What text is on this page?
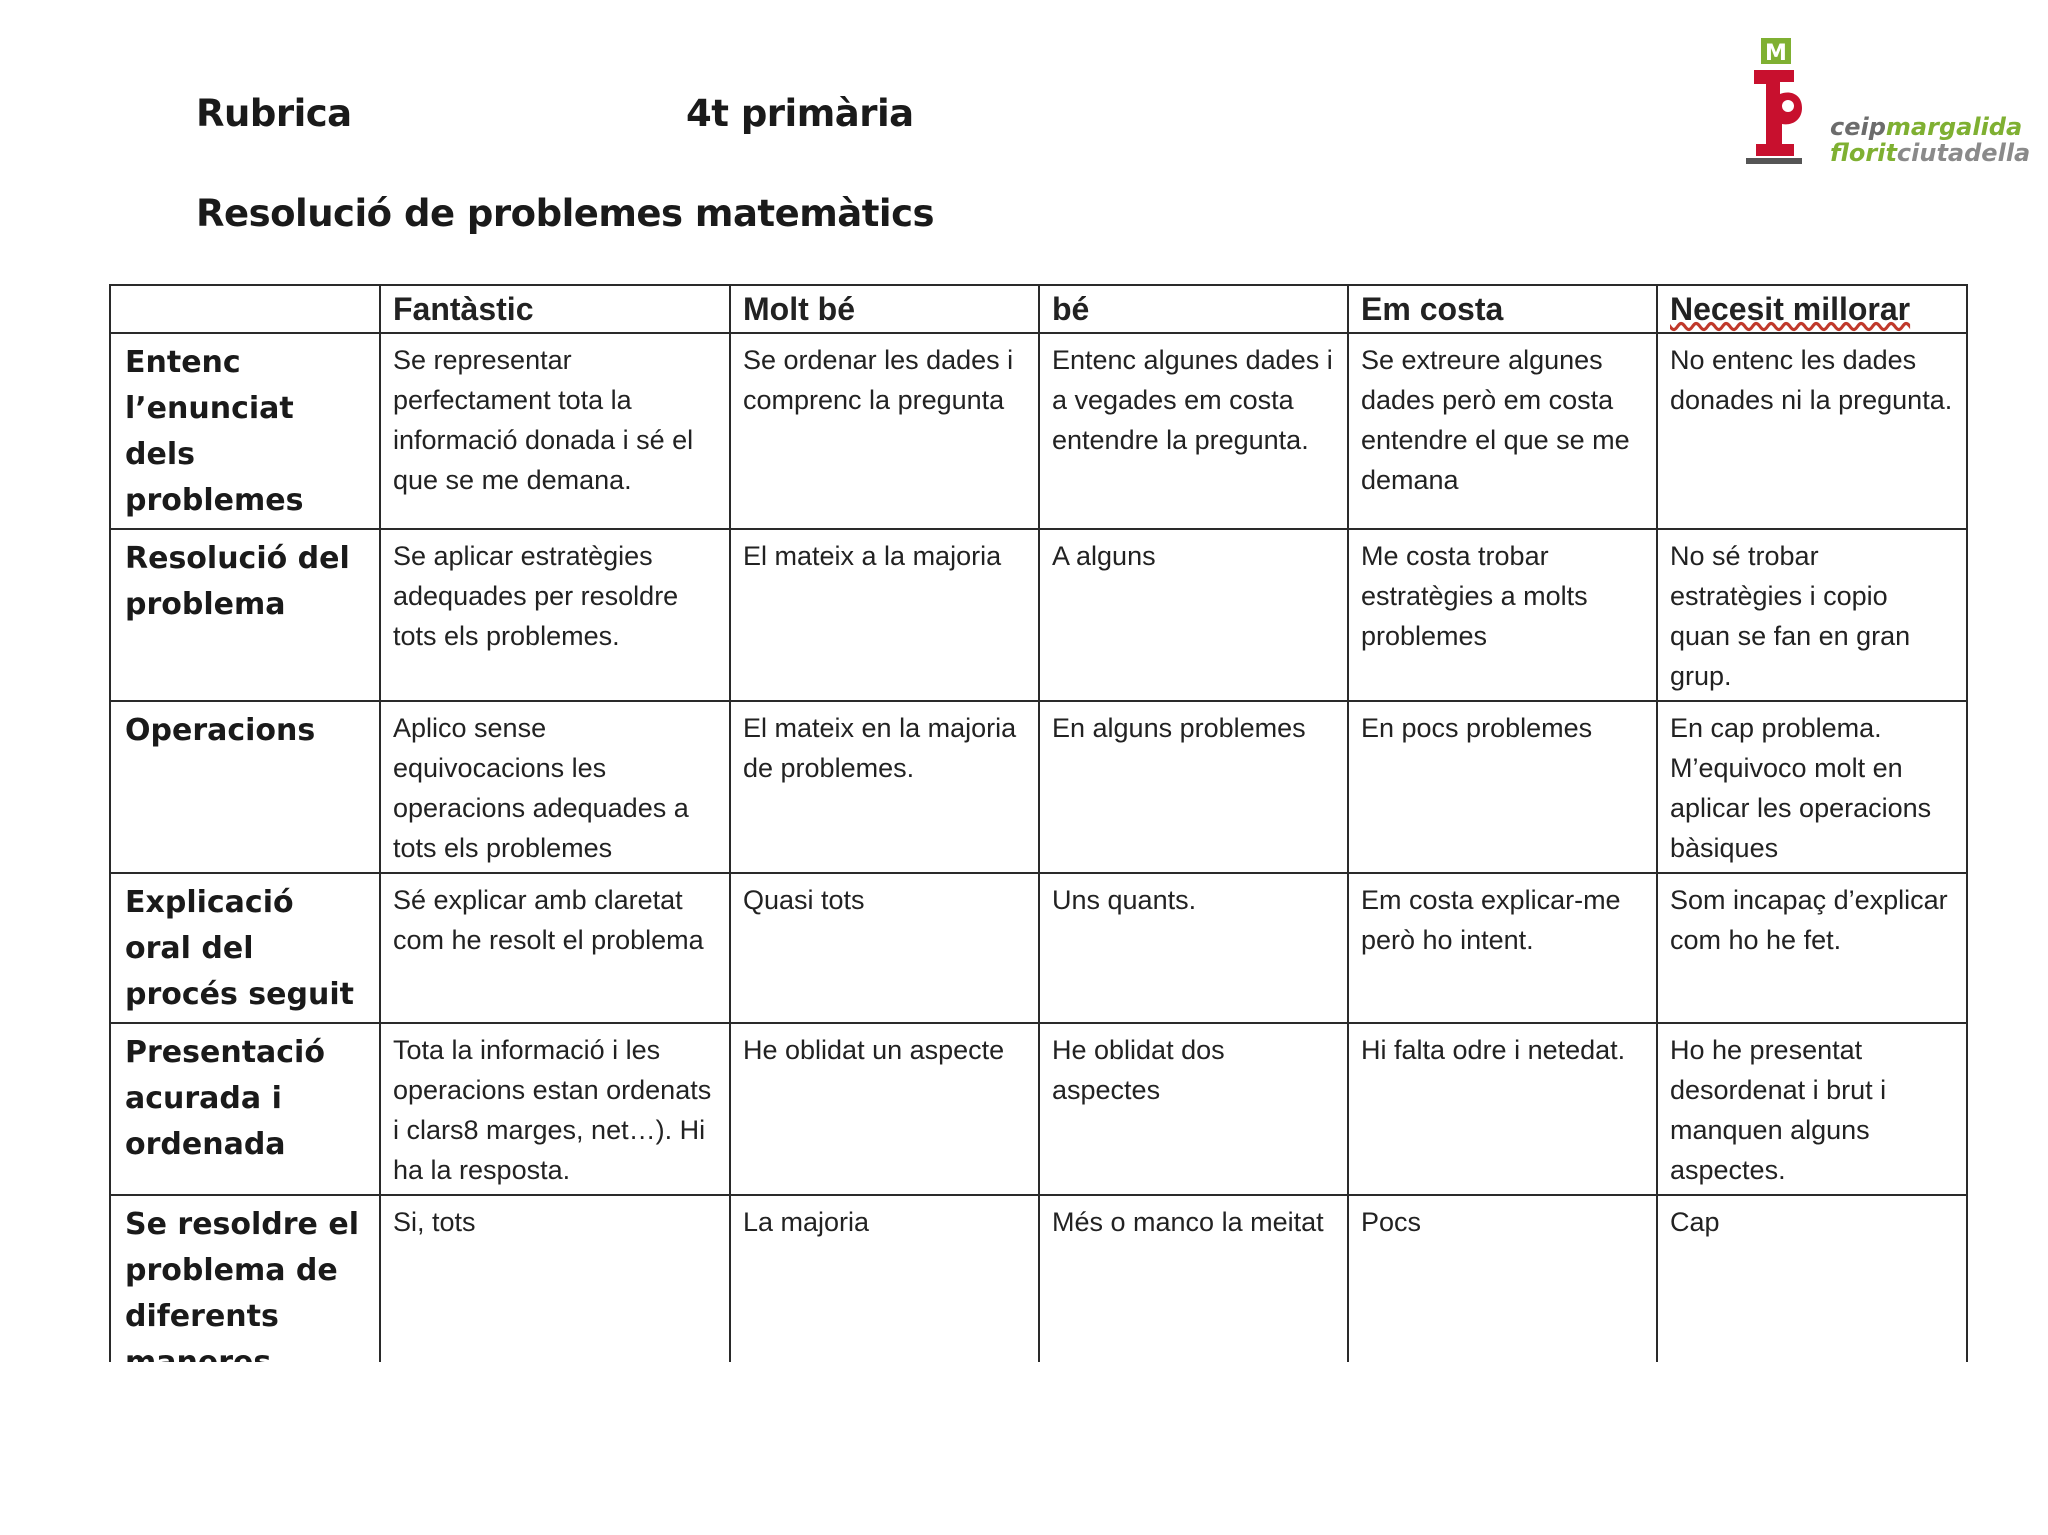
Rubrica	4t primària
Resolució de problemes matemàtics
M
ceipmargalida
floritciutadella
	Fantàstic	Molt bé	bé	Em costa	Necesit millorar
Entenc l’enunciat dels problemes	Se representar perfectament tota la informació donada i sé el que se me demana.	Se ordenar les dades i comprenc la pregunta	Entenc algunes dades i a vegades em costa entendre la pregunta.	Se extreure algunes dades però em costa entendre el que se me demana	No entenc les dades donades ni la pregunta.
Resolució del problema	Se aplicar estratègies adequades per resoldre tots els problemes.	El mateix a la majoria	A alguns	Me costa trobar estratègies a molts problemes	No sé trobar estratègies i copio quan se fan en gran grup.
Operacions	Aplico sense equivocacions les operacions adequades a tots els problemes	El mateix en la majoria de problemes.	En alguns problemes	En pocs problemes	En cap problema. M’equivoco molt en aplicar les operacions bàsiques
Explicació oral del procés seguit	Sé explicar amb claretat com he resolt el problema	Quasi tots	Uns quants.	Em costa explicar-me però ho intent.	Som incapaç d’explicar com ho he fet.
Presentació acurada i ordenada	Tota la informació i les operacions estan ordenats i clars8 marges, net…). Hi ha la resposta.	He oblidat un aspecte	He oblidat dos aspectes	Hi falta odre i netedat.	Ho he presentat desordenat i brut i manquen alguns aspectes.
Se resoldre el problema de diferents	Si, tots	La majoria	Més o manco la meitat	Pocs	Cap
